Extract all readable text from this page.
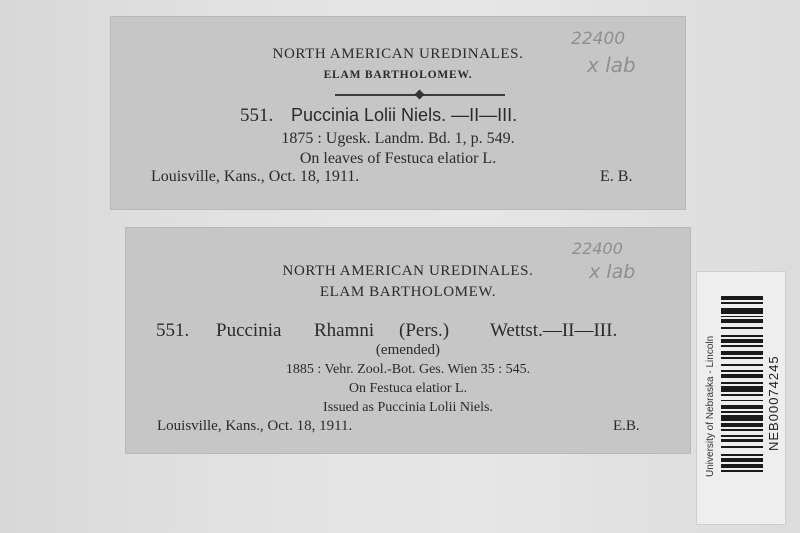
NORTH AMERICAN UREDINALES.
ELAM BARTHOLOMEW.
551. Puccinia Lolii Niels. —II—III.
1875 : Ugesk. Landm. Bd. 1, p. 549.
On leaves of Festuca elatior L.
Louisville, Kans., Oct. 18, 1911.	E. B.
22400
x lab
NORTH AMERICAN UREDINALES.
ELAM BARTHOLOMEW.
551. Puccinia Rhamni (Pers.) Wettst.—II—III.
(emended)
1885 : Vehr. Zool.-Bot. Ges. Wien 35 : 545.
On Festuca elatior L.
Issued as Puccinia Lolii Niels.
Louisville, Kans., Oct. 18, 1911.	E.B.
22400
x lab
University of Nebraska - Lincoln	NEB00074245
